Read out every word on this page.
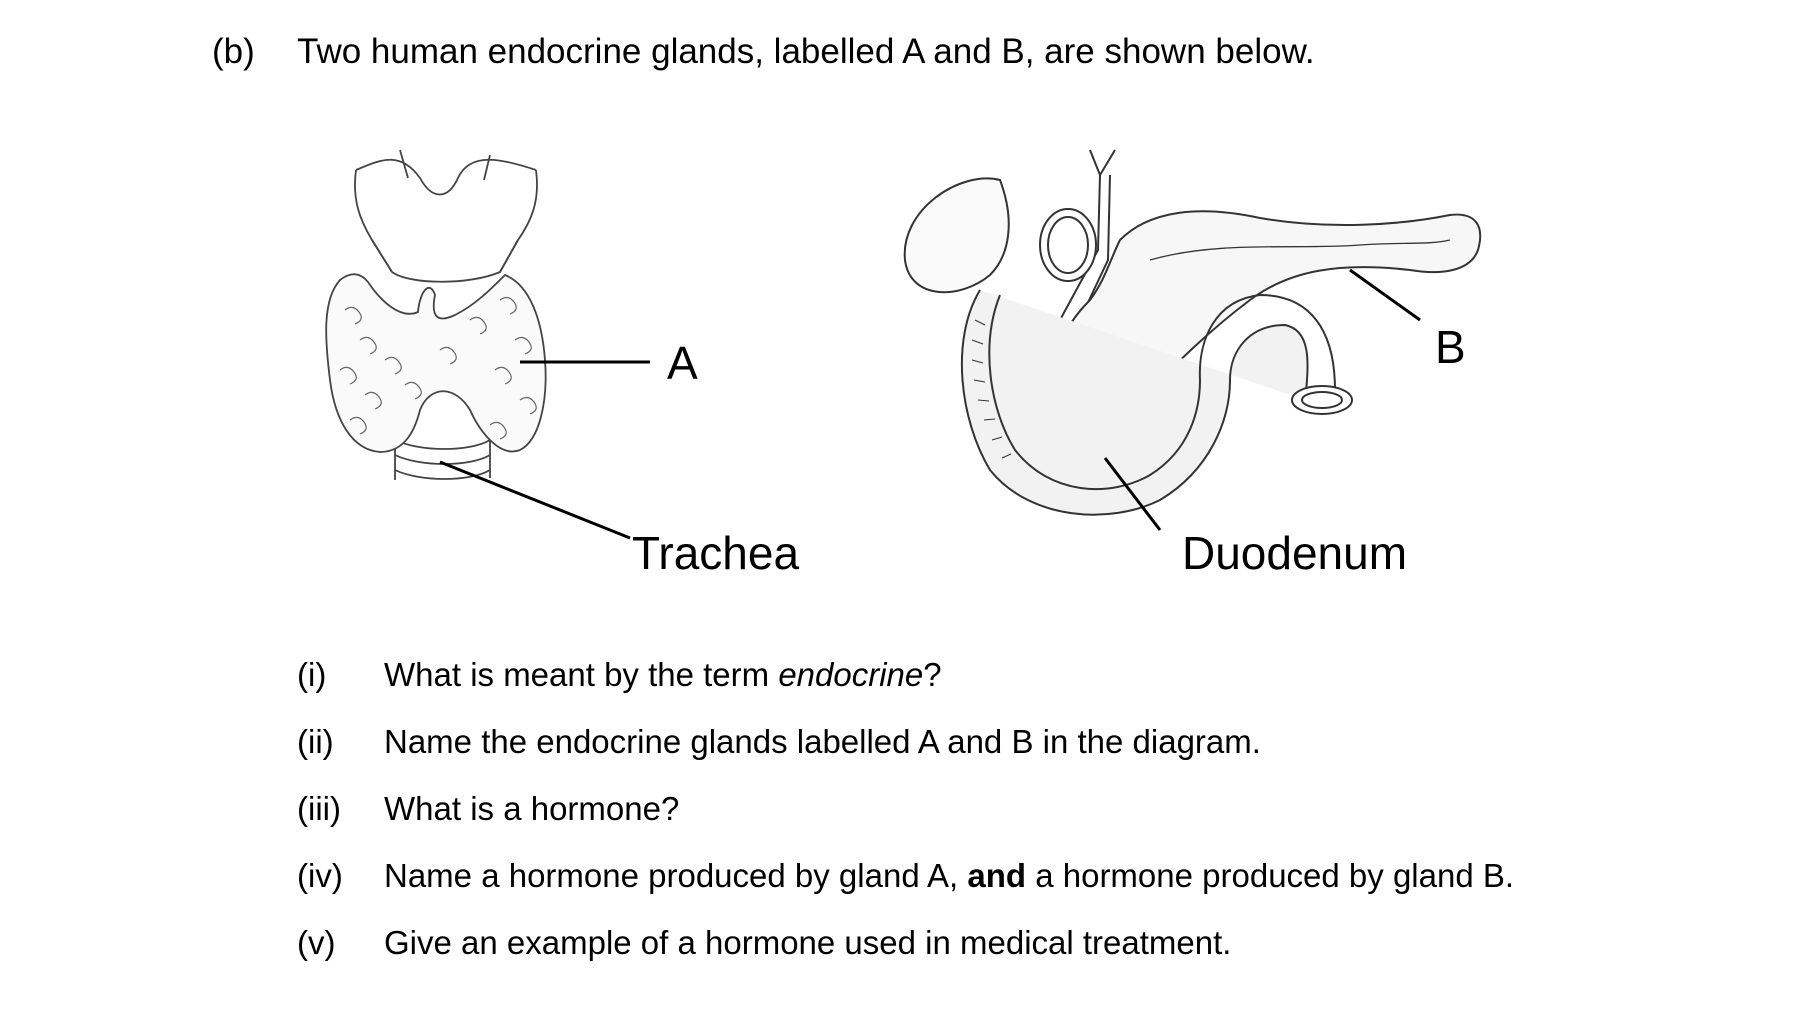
(b) Two human endocrine glands, labelled A and B, are shown below.
A
Trachea
B
Duodenum
(i) What is meant by the term endocrine?
(ii) Name the endocrine glands labelled A and B in the diagram.
(iii) What is a hormone?
(iv) Name a hormone produced by gland A, and a hormone produced by gland B.
(v) Give an example of a hormone used in medical treatment.
